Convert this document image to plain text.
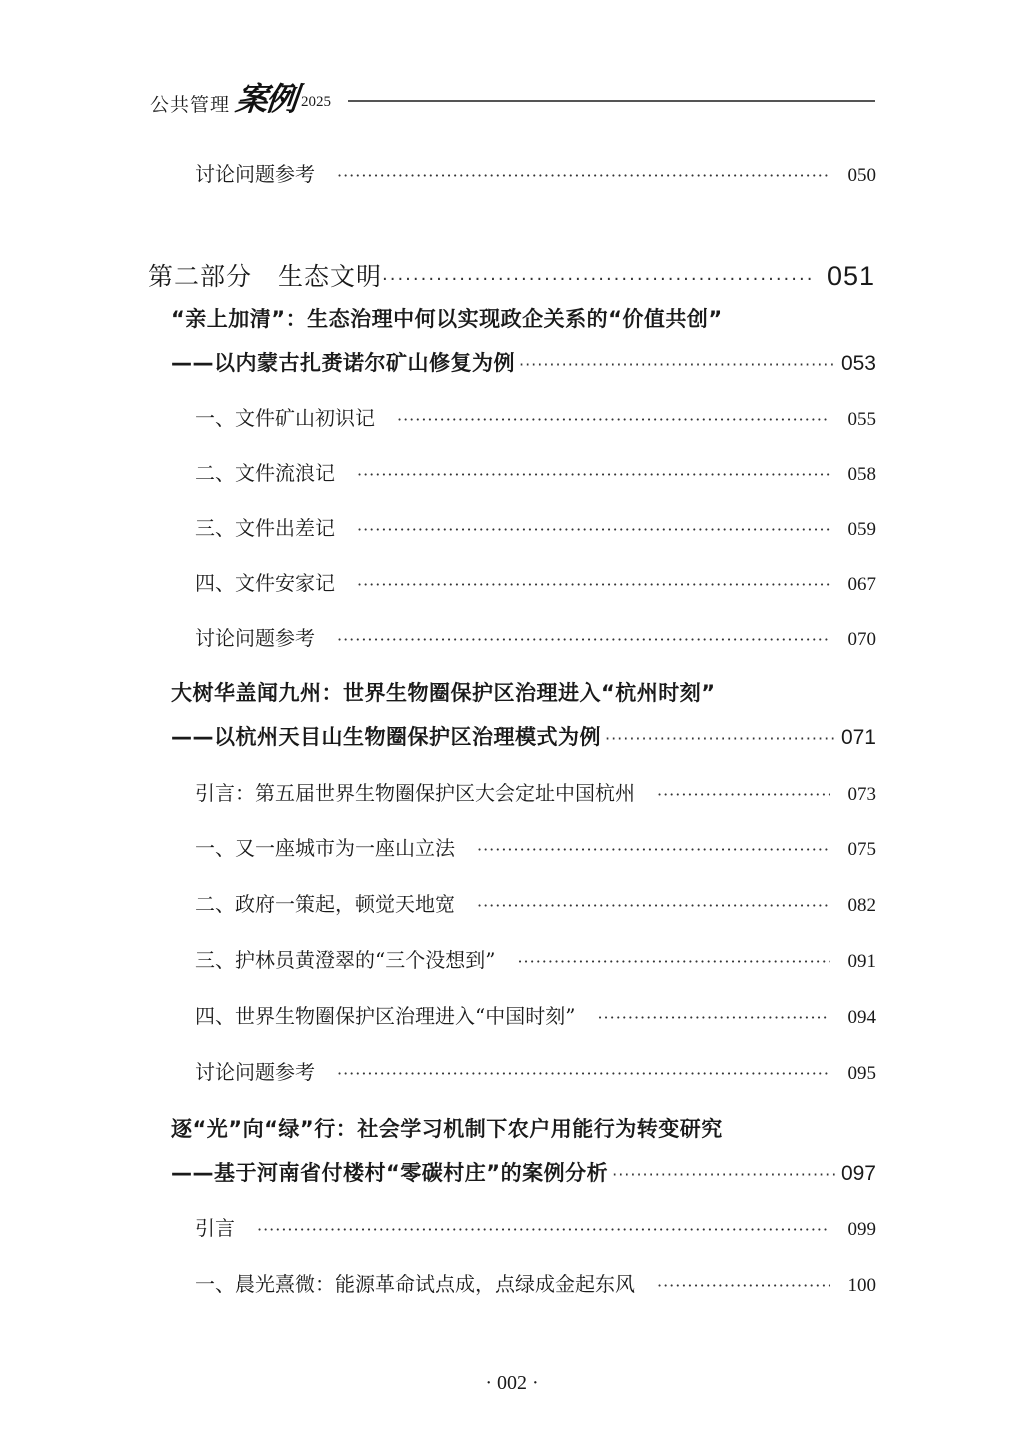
公共管理 案例 2025
讨论问题参考 ·····	050
第二部分　生态文明 ·····	051
“亲上加清”：生态治理中何以实现政企关系的“价值共创”
——以内蒙古扎赉诺尔矿山修复为例 ·····	053
一、文件矿山初识记 ·····	055
二、文件流浪记 ·····	058
三、文件出差记 ·····	059
四、文件安家记 ·····	067
讨论问题参考 ·····	070
大树华盖闻九州：世界生物圈保护区治理进入“杭州时刻”
——以杭州天目山生物圈保护区治理模式为例 ·····	071
引言：第五届世界生物圈保护区大会定址中国杭州 ·····	073
一、又一座城市为一座山立法 ·····	075
二、政府一策起，顿觉天地宽 ·····	082
三、护林员黄澄翠的“三个没想到” ·····	091
四、世界生物圈保护区治理进入“中国时刻” ·····	094
讨论问题参考 ·····	095
逐“光”向“绿”行：社会学习机制下农户用能行为转变研究
——基于河南省付楼村“零碳村庄”的案例分析 ·····	097
引言 ·····	099
一、晨光熹微：能源革命试点成，点绿成金起东风 ·····	100
· 002 ·
